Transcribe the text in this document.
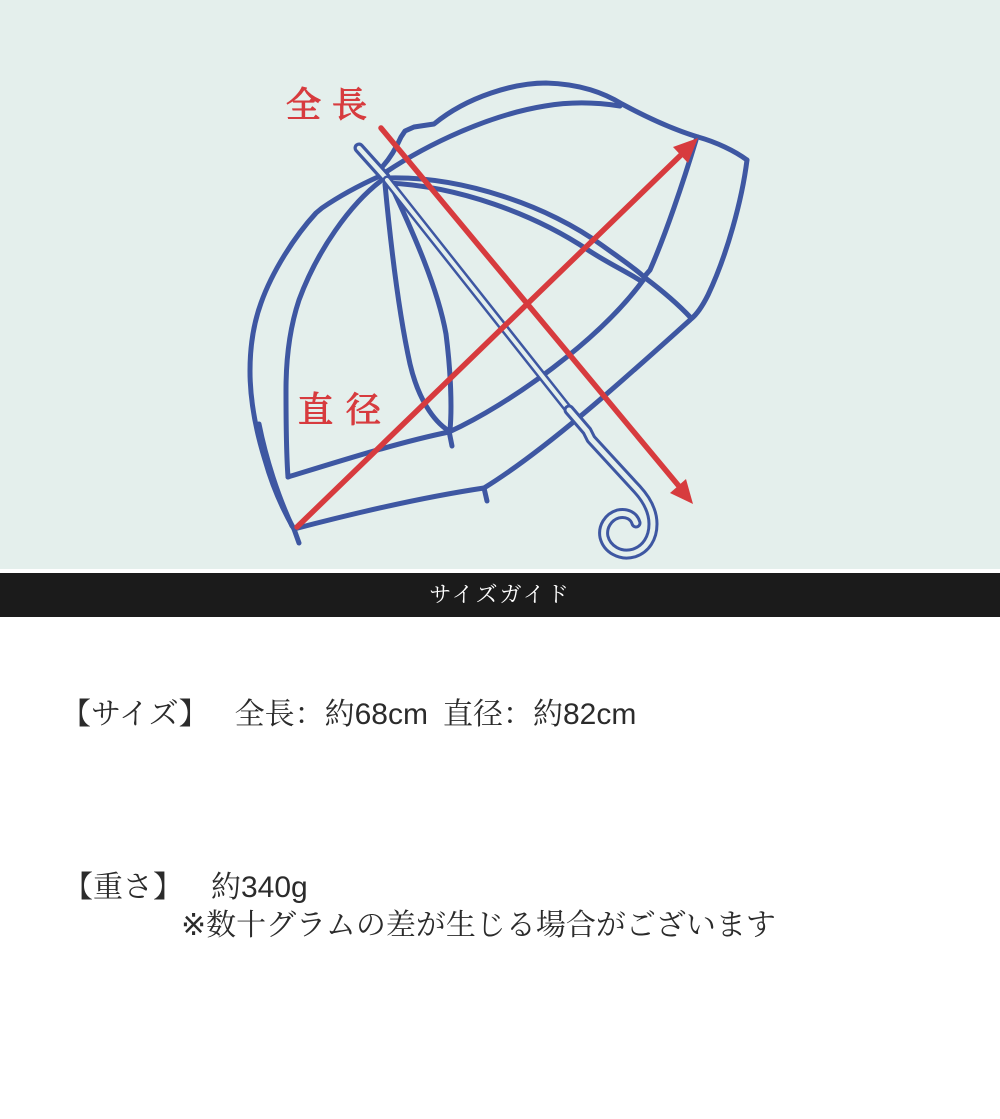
全長
直径
サイズガイド
【サイズ】 全長：約68cm 直径：約82cm
【重さ】 約340g
※数十グラムの差が生じる場合がございます
